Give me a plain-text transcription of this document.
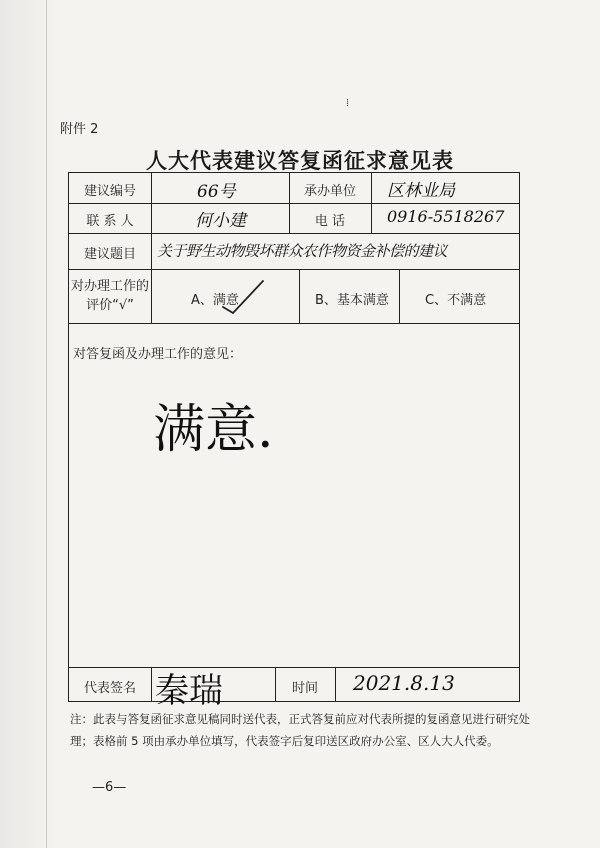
⁞
附件 2
人大代表建议答复函征求意见表
建议编号	66号	承办单位	区林业局
联 系 人	何小建	电 话	0916-5518267
建议题目	关于野生动物毁坏群众农作物资金补偿的建议
对办理工作的评价“√”	A、满意	B、基本满意	C、不满意
对答复函及办理工作的意见：
满意.
代表签名 秦瑞	时间	2021.8.13
注：此表与答复函征求意见稿同时送代表，正式答复前应对代表所提的复函意见进行研究处理；表格前 5 项由承办单位填写，代表签字后复印送区政府办公室、区人大人代委。
—6—
